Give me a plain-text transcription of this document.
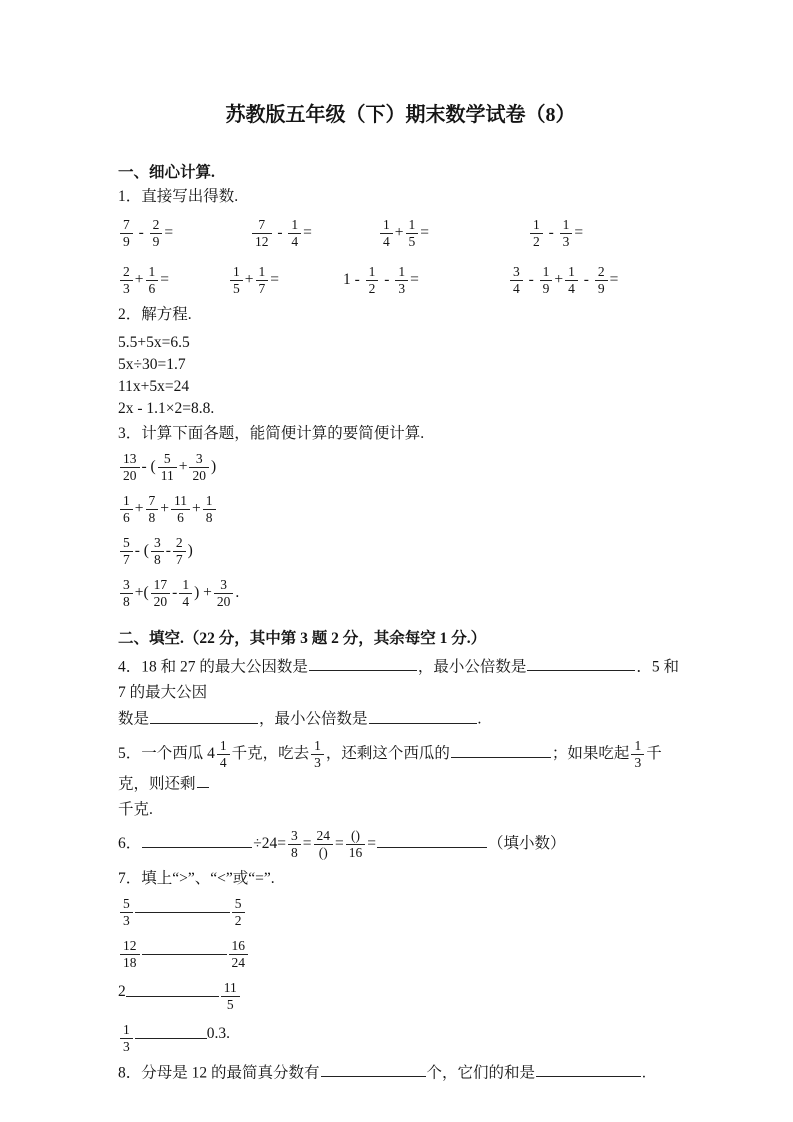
苏教版五年级（下）期末数学试卷（8）
一、细心计算.
1．直接写出得数.
$\frac{7}{9} - \frac{2}{9}$ =	$\frac{7}{12} - \frac{1}{4}$ =	$\frac{1}{4} + \frac{1}{5}$ =	$\frac{1}{2} - \frac{1}{3}$ =
$\frac{2}{3} + \frac{1}{6}$ =	$\frac{1}{5} + \frac{1}{7}$ =	$1 - \frac{1}{2} - \frac{1}{3}$ =	$\frac{3}{4} - \frac{1}{9} + \frac{1}{4} - \frac{2}{9}$ =
2．解方程.
5.5+5x=6.5
5x÷30=1.7
11x+5x=24
2x - 1.1×2=8.8.
3．计算下面各题，能简便计算的要简便计算.
$\frac{13}{20}$ - ( $\frac{5}{11} + \frac{3}{20}$ )
$\frac{1}{6} + \frac{7}{8} + \frac{11}{6} + \frac{1}{8}$
$\frac{5}{7}$ - ( $\frac{3}{8} - \frac{2}{7}$ )
$\frac{3}{8}$ +( $\frac{17}{20} - \frac{1}{4}$ ) + $\frac{3}{20}$ .
二、填空.（22 分，其中第 3 题 2 分，其余每空 1 分.）

4．18 和 27 的最大公因数是	，最小公倍数是	．5 和 7 的最大公因

数是	，最小公倍数是	.

5．一个西瓜 $4 \frac{1}{4}$ 千克，吃去 $\frac{1}{3}$ ，还剩这个西瓜的	；如果吃起 $\frac{1}{3}$ 千克，则还剩

千克.

6．	$\div 24= \frac{3}{8} = \frac{24}{()} = \frac{()}{16}$ =	（填小数）

7．填上“>”、“<”或“=”.

$\frac{5}{3}$	$\frac{5}{2}$
$\frac{12}{18}$	$\frac{16}{24}$
2	$\frac{11}{5}$
$\frac{1}{3}$	0.3.

8．分母是 12 的最简真分数有	个，它们的和是	.
